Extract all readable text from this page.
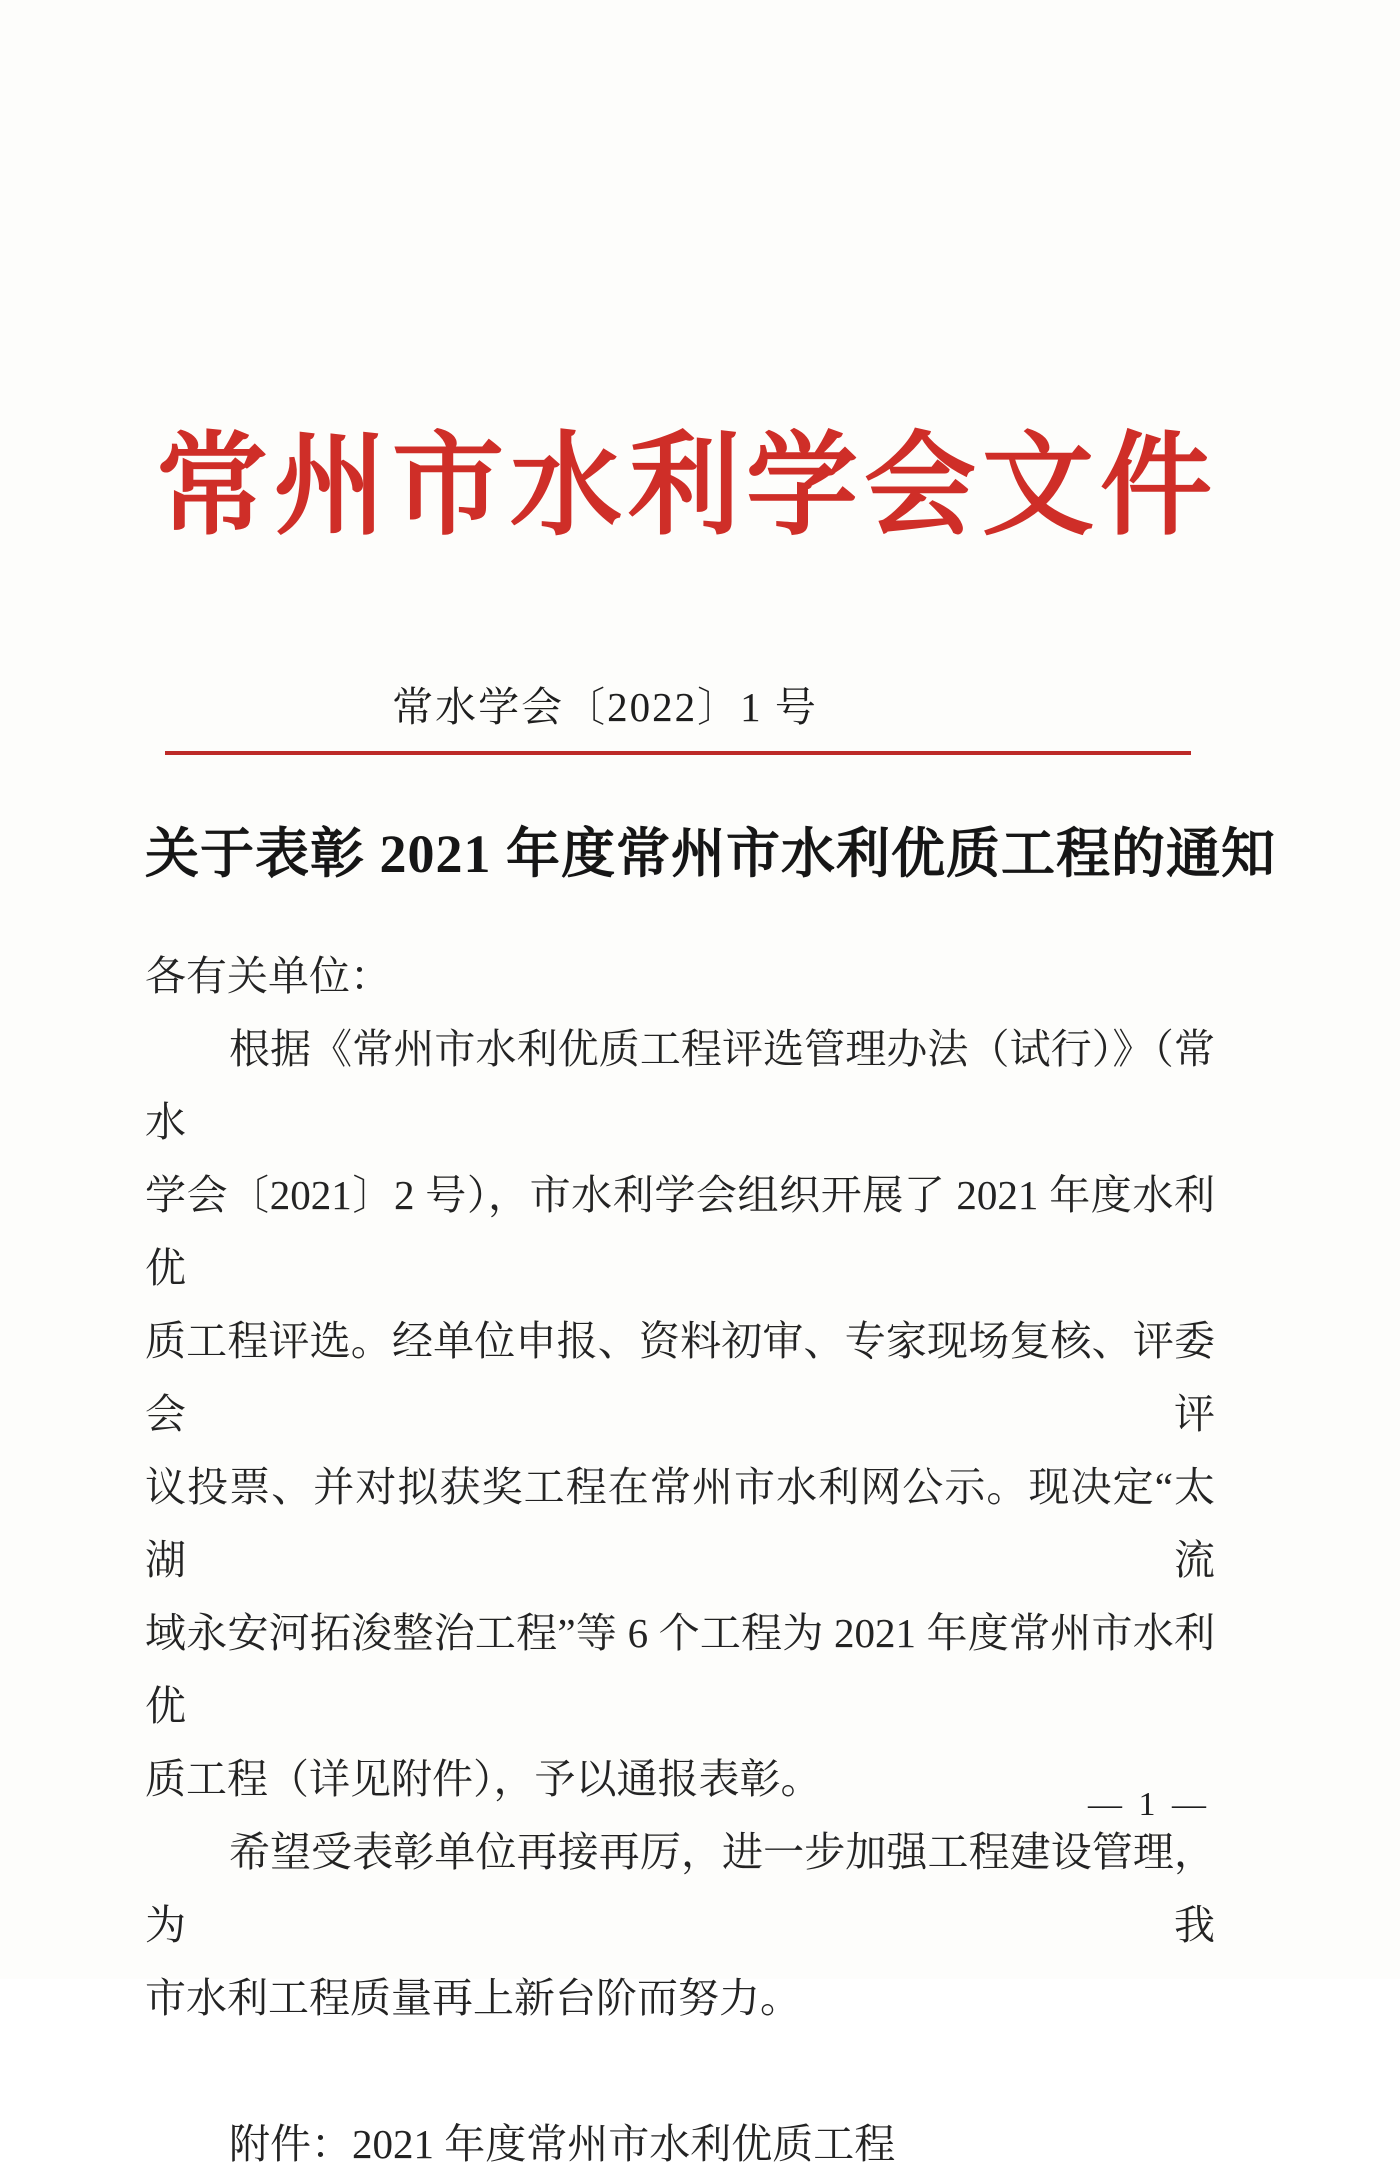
常州市水利学会文件
常水学会〔2022〕1 号
关于表彰 2021 年度常州市水利优质工程的通知
各有关单位：
根据《常州市水利优质工程评选管理办法（试行）》（常水
学会〔2021〕2 号），市水利学会组织开展了 2021 年度水利优
质工程评选。经单位申报、资料初审、专家现场复核、评委会评
议投票、并对拟获奖工程在常州市水利网公示。现决定“太湖流
域永安河拓浚整治工程”等 6 个工程为 2021 年度常州市水利优
质工程（详见附件），予以通报表彰。
希望受表彰单位再接再厉，进一步加强工程建设管理，为我
市水利工程质量再上新台阶而努力。
附件：2021 年度常州市水利优质工程
— 1 —
